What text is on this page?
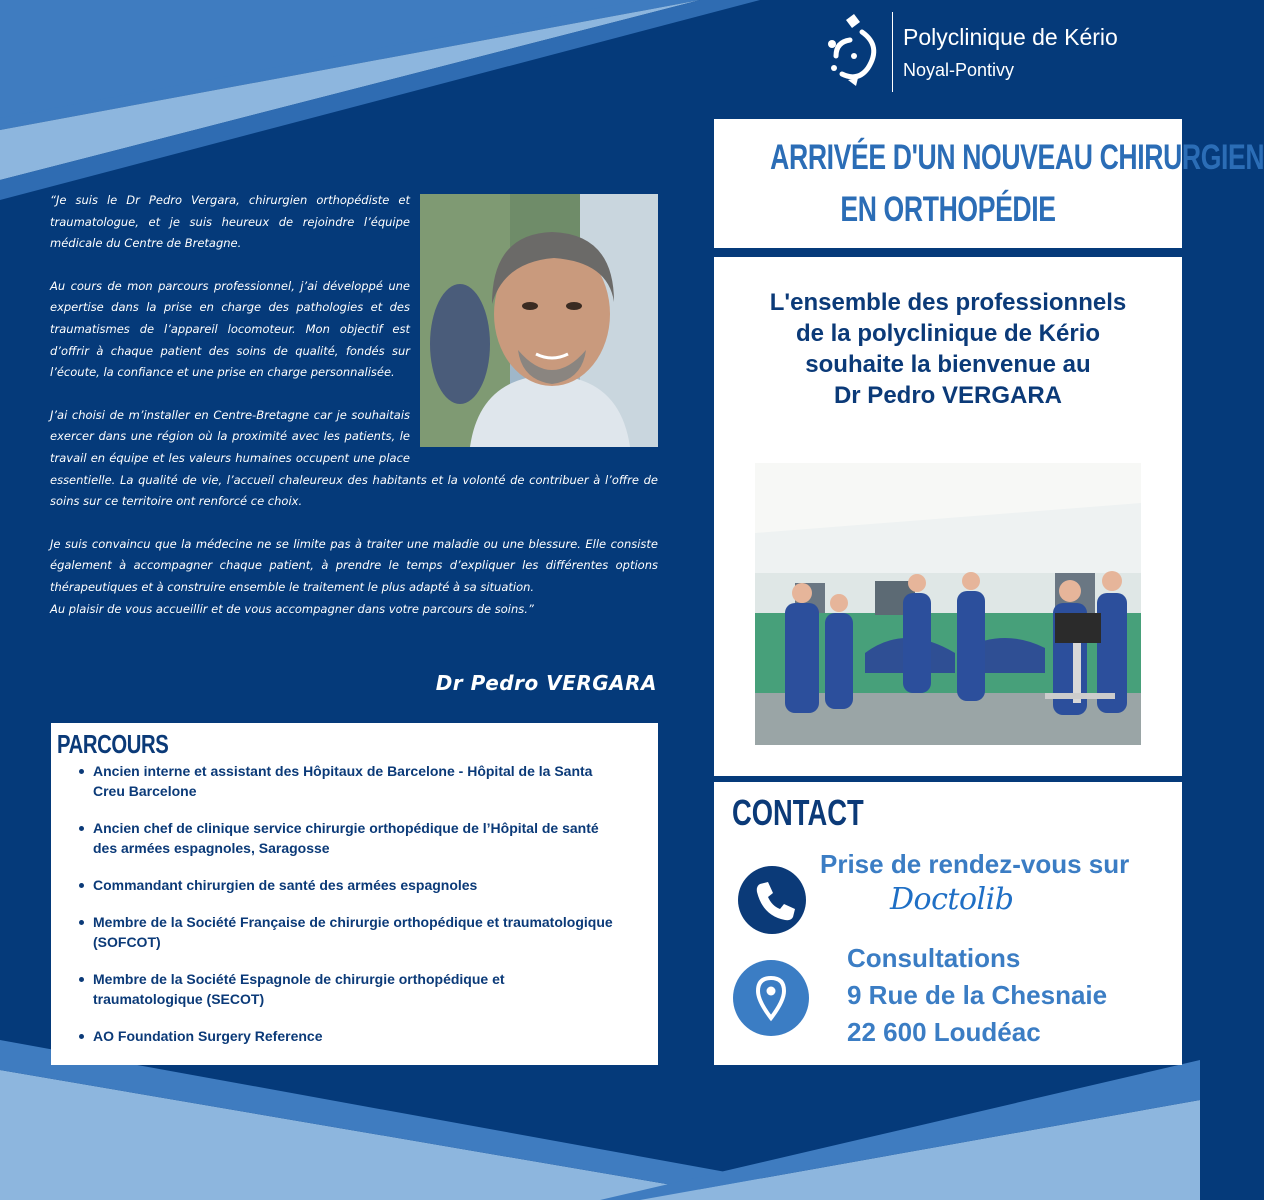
Polyclinique de Kério
Noyal-Pontivy

“Je suis le Dr Pedro Vergara, chirurgien orthopédiste et traumatologue, et je suis heureux de rejoindre l’équipe médicale du Centre de Bretagne.

Au cours de mon parcours professionnel, j’ai développé une expertise dans la prise en charge des pathologies et des traumatismes de l’appareil locomoteur. Mon objectif est d’offrir à chaque patient des soins de qualité, fondés sur l’écoute, la confiance et une prise en charge personnalisée.

J’ai choisi de m’installer en Centre-Bretagne car je souhaitais exercer dans une région où la proximité avec les patients, le travail en équipe et les valeurs humaines occupent une place essentielle. La qualité de vie, l’accueil chaleureux des habitants et la volonté de contribuer à l’offre de soins sur ce territoire ont renforcé ce choix.

Je suis convaincu que la médecine ne se limite pas à traiter une maladie ou une blessure. Elle consiste également à accompagner chaque patient, à prendre le temps d’expliquer les différentes options thérapeutiques et à construire ensemble le traitement le plus adapté à sa situation.

Au plaisir de vous accueillir et de vous accompagner dans votre parcours de soins.”

Dr Pedro VERGARA
PARCOURS
Ancien interne et assistant des Hôpitaux de Barcelone - Hôpital de la Santa Creu Barcelone
Ancien chef de clinique service chirurgie orthopédique de l’Hôpital de santé des armées espagnoles, Saragosse
Commandant chirurgien de santé des armées espagnoles
Membre de la Société Française de chirurgie orthopédique et traumatologique (SOFCOT)
Membre de la Société Espagnole de chirurgie orthopédique et traumatologique (SECOT)
AO Foundation Surgery Reference
ARRIVÉE D'UN NOUVEAU CHIRURGIEN
EN ORTHOPÉDIE
L'ensemble des professionnels
de la polyclinique de Kério
souhaite la bienvenue au
Dr Pedro VERGARA
CONTACT
Prise de rendez-vous sur
Doctolib
Consultations
9 Rue de la Chesnaie
22 600 Loudéac
